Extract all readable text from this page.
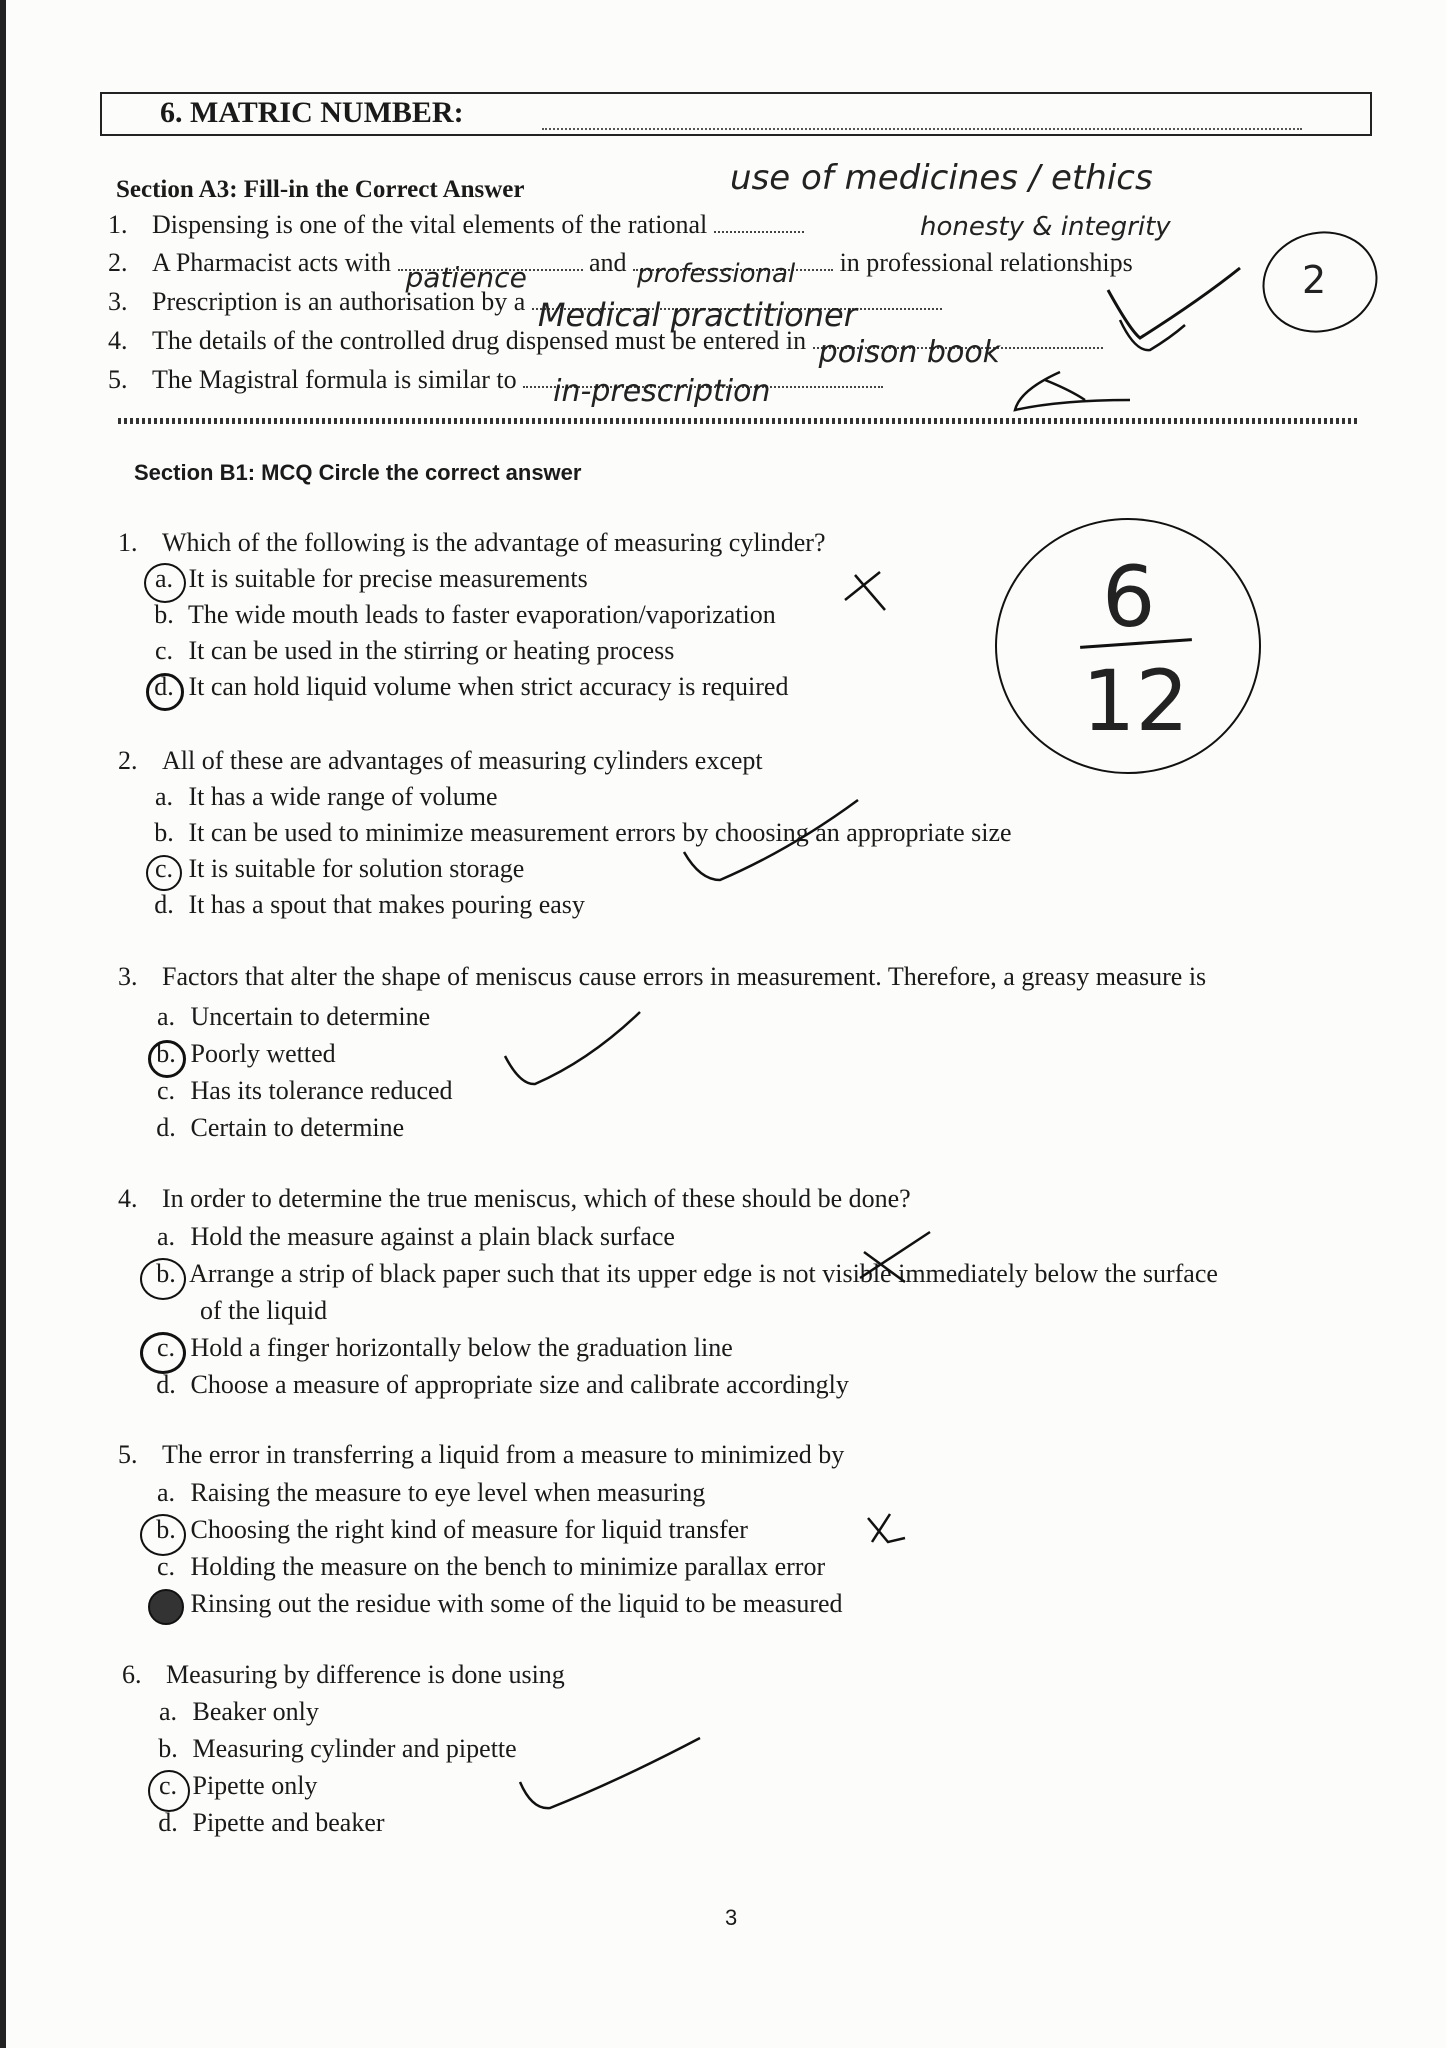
6. MATRIC NUMBER:
Section A3: Fill-in the Correct Answer
1. Dispensing is one of the vital elements of the rational
use of medicines / ethics
2. A Pharmacist acts with patience and professional in professional relationships
honesty & integrity
3. Prescription is an authorisation by a Medical practitioner
4. The details of the controlled drug dispensed must be entered in poison book
5. The Magistral formula is similar to in-prescription
2
Section B1: MCQ Circle the correct answer
6
12
1. Which of the following is the advantage of measuring cylinder?
a. It is suitable for precise measurements
b. The wide mouth leads to faster evaporation/vaporization
c. It can be used in the stirring or heating process
d. It can hold liquid volume when strict accuracy is required
2. All of these are advantages of measuring cylinders except
a. It has a wide range of volume
b. It can be used to minimize measurement errors by choosing an appropriate size
c. It is suitable for solution storage
d. It has a spout that makes pouring easy
3. Factors that alter the shape of meniscus cause errors in measurement. Therefore, a greasy measure is
a. Uncertain to determine
b. Poorly wetted
c. Has its tolerance reduced
d. Certain to determine
4. In order to determine the true meniscus, which of these should be done?
a. Hold the measure against a plain black surface
b. Arrange a strip of black paper such that its upper edge is not visible immediately below the surface
of the liquid
c. Hold a finger horizontally below the graduation line
d. Choose a measure of appropriate size and calibrate accordingly
5. The error in transferring a liquid from a measure to minimized by
a. Raising the measure to eye level when measuring
b. Choosing the right kind of measure for liquid transfer
c. Holding the measure on the bench to minimize parallax error
Rinsing out the residue with some of the liquid to be measured
6. Measuring by difference is done using
a. Beaker only
b. Measuring cylinder and pipette
c. Pipette only
d. Pipette and beaker
3
